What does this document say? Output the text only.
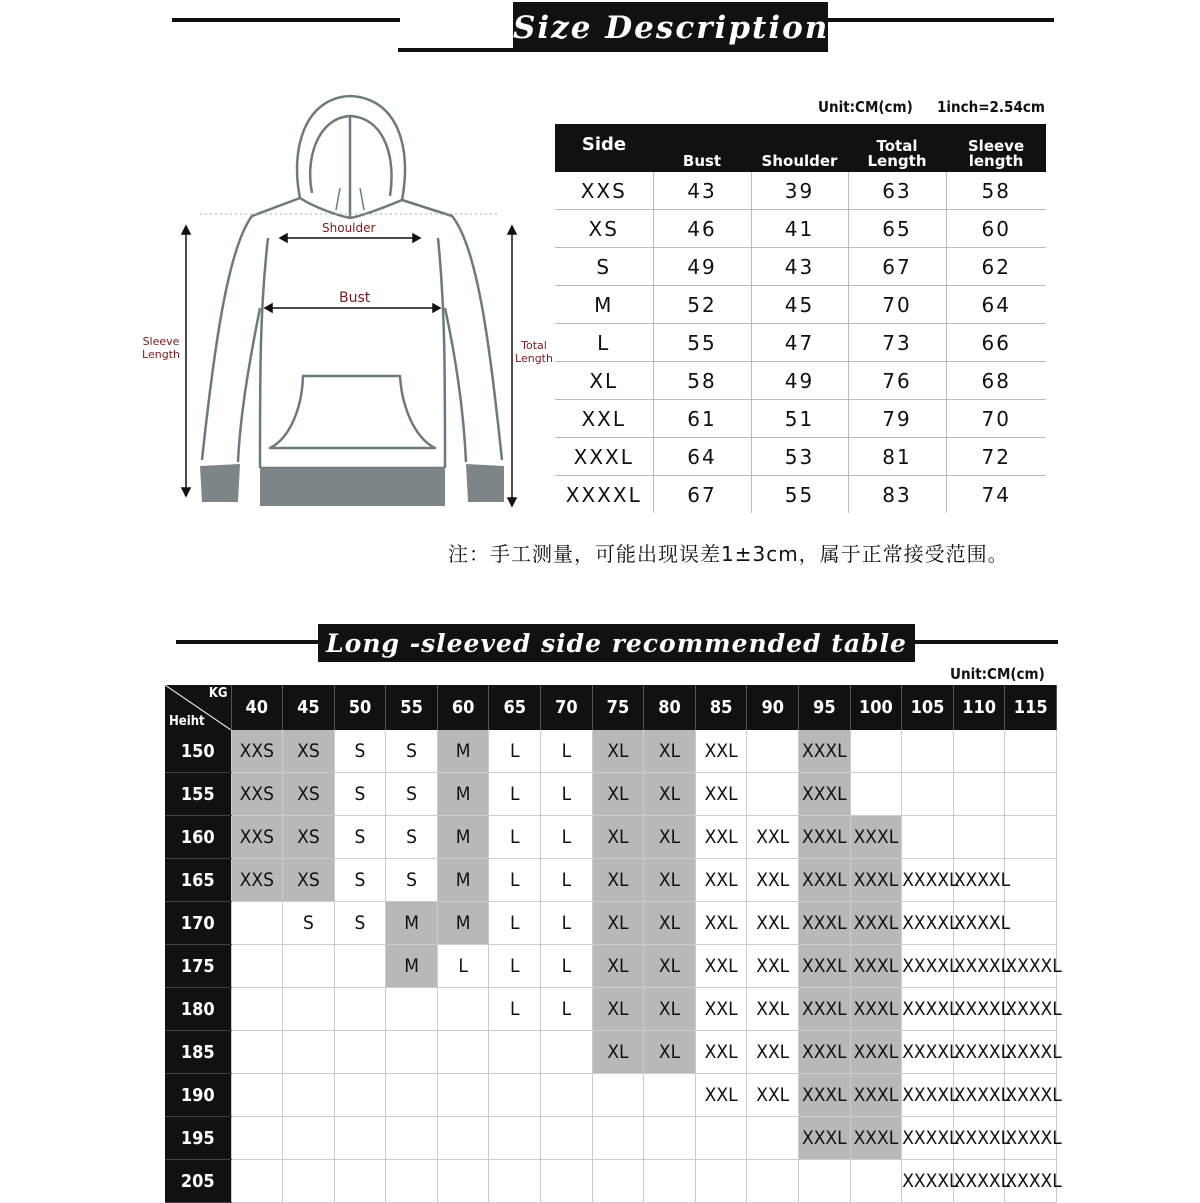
Size Description
Unit:CM(cm) 1inch=2.54cm
Shoulder
Bust
Sleeve
Length
Total
Length
Side	Bust	Shoulder	Total Length	Sleeve length
XXS	43	39	63	58
XS	46	41	65	60
S	49	43	67	62
M	52	45	70	64
L	55	47	73	66
XL	58	49	76	68
XXL	61	51	79	70
XXXL	64	53	81	72
XXXXL	67	55	83	74
注：手工测量，可能出现误差1±3cm，属于正常接受范围。
Long -sleeved side recommended table
Unit:CM(cm)
KG
Heiht	40	45	50	55	60	65	70	75	80	85	90	95	100	105	110	115
150	XXS	XS	S	S	M	L	L	XL	XL	XXL		XXXL				
155	XXS	XS	S	S	M	L	L	XL	XL	XXL		XXXL				
160	XXS	XS	S	S	M	L	L	XL	XL	XXL	XXL	XXXL	XXXL			
165	XXS	XS	S	S	M	L	L	XL	XL	XXL	XXL	XXXL	XXXL	XXXXL	XXXXL	
170		S	S	M	M	L	L	XL	XL	XXL	XXL	XXXL	XXXL	XXXXL	XXXXL	
175				M	L	L	L	XL	XL	XXL	XXL	XXXL	XXXL	XXXXL	XXXXL	XXXXL
180						L	L	XL	XL	XXL	XXL	XXXL	XXXL	XXXXL	XXXXL	XXXXL
185								XL	XL	XXL	XXL	XXXL	XXXL	XXXXL	XXXXL	XXXXL
190										XXL	XXL	XXXL	XXXL	XXXXL	XXXXL	XXXXL
195												XXXL	XXXL	XXXXL	XXXXL	XXXXL
205														XXXXL	XXXXL	XXXXL
